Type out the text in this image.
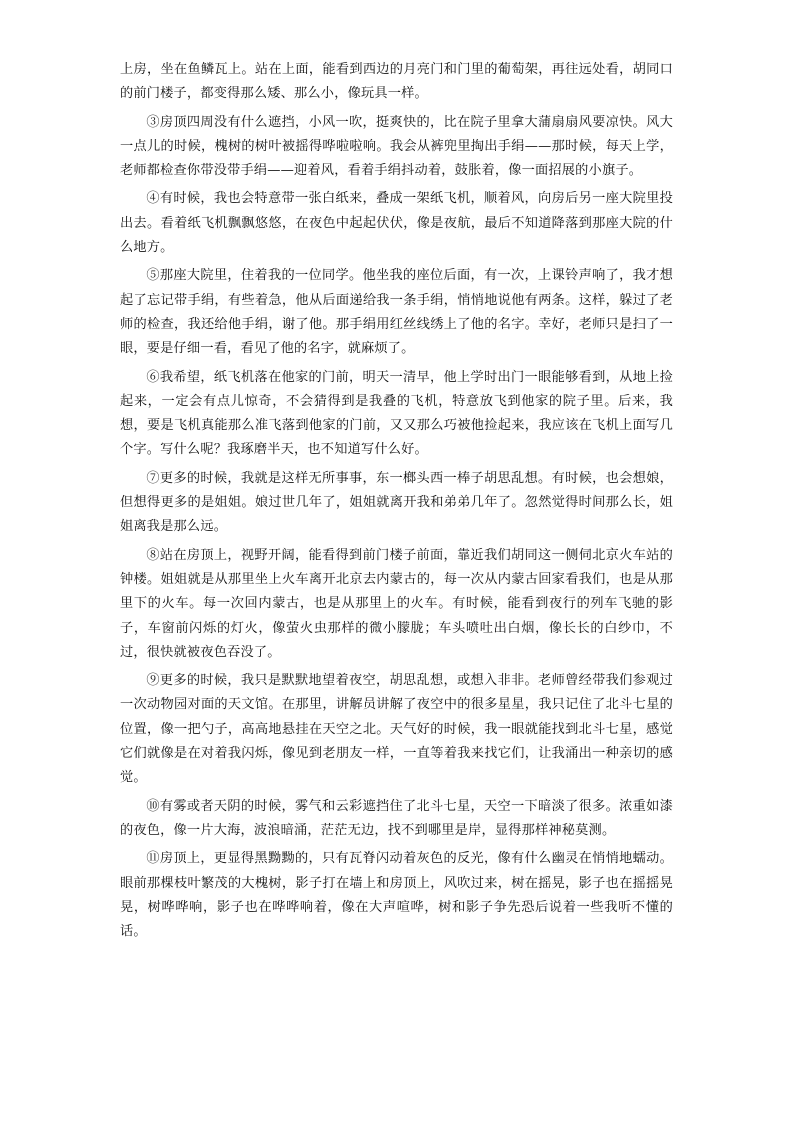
上房，坐在鱼鳞瓦上。站在上面，能看到西边的月亮门和门里的葡萄架，再往远处看，胡同口的前门楼子，都变得那么矮、那么小，像玩具一样。

③房顶四周没有什么遮挡，小风一吹，挺爽快的，比在院子里拿大蒲扇扇风要凉快。风大一点儿的时候，槐树的树叶被摇得哗啦啦响。我会从裤兜里掏出手绢——那时候，每天上学，老师都检查你带没带手绢——迎着风，看着手绢抖动着，鼓胀着，像一面招展的小旗子。

④有时候，我也会特意带一张白纸来，叠成一架纸飞机，顺着风，向房后另一座大院里投出去。看着纸飞机飘飘悠悠，在夜色中起起伏伏，像是夜航，最后不知道降落到那座大院的什么地方。

⑤那座大院里，住着我的一位同学。他坐我的座位后面，有一次，上课铃声响了，我才想起了忘记带手绢，有些着急，他从后面递给我一条手绢，悄悄地说他有两条。这样，躲过了老师的检查，我还给他手绢，谢了他。那手绢用红丝线绣上了他的名字。幸好，老师只是扫了一眼，要是仔细一看，看见了他的名字，就麻烦了。

⑥我希望，纸飞机落在他家的门前，明天一清早，他上学时出门一眼能够看到，从地上捡起来，一定会有点儿惊奇，不会猜得到是我叠的飞机，特意放飞到他家的院子里。后来，我想，要是飞机真能那么准飞落到他家的门前，又又那么巧被他捡起来，我应该在飞机上面写几个字。写什么呢？我琢磨半天，也不知道写什么好。

⑦更多的时候，我就是这样无所事事，东一榔头西一棒子胡思乱想。有时候，也会想娘，但想得更多的是姐姐。娘过世几年了，姐姐就离开我和弟弟几年了。忽然觉得时间那么长，姐姐离我是那么远。

⑧站在房顶上，视野开阔，能看得到前门楼子前面，靠近我们胡同这一侧伺北京火车站的钟楼。姐姐就是从那里坐上火车离开北京去内蒙古的，每一次从内蒙古回家看我们，也是从那里下的火车。每一次回内蒙古，也是从那里上的火车。有时候，能看到夜行的列车飞驰的影子，车窗前闪烁的灯火，像萤火虫那样的微小朦胧；车头喷吐出白烟，像长长的白纱巾，不过，很快就被夜色吞没了。

⑨更多的时候，我只是默默地望着夜空，胡思乱想，或想入非非。老师曾经带我们参观过一次动物园对面的天文馆。在那里，讲解员讲解了夜空中的很多星星，我只记住了北斗七星的位置，像一把勺子，高高地悬挂在天空之北。天气好的时候，我一眼就能找到北斗七星，感觉它们就像是在对着我闪烁，像见到老朋友一样，一直等着我来找它们，让我涌出一种亲切的感觉。

⑩有雾或者天阴的时候，雾气和云彩遮挡住了北斗七星，天空一下暗淡了很多。浓重如漆的夜色，像一片大海，波浪暗涌，茫茫无边，找不到哪里是岸，显得那样神秘莫测。

⑪房顶上，更显得黑黝黝的，只有瓦脊闪动着灰色的反光，像有什么幽灵在悄悄地蠕动。眼前那棵枝叶繁茂的大槐树，影子打在墙上和房顶上，风吹过来，树在摇晃，影子也在摇摇晃晃，树哗哗响，影子也在哗哗响着，像在大声喧哗，树和影子争先恐后说着一些我听不懂的话。
